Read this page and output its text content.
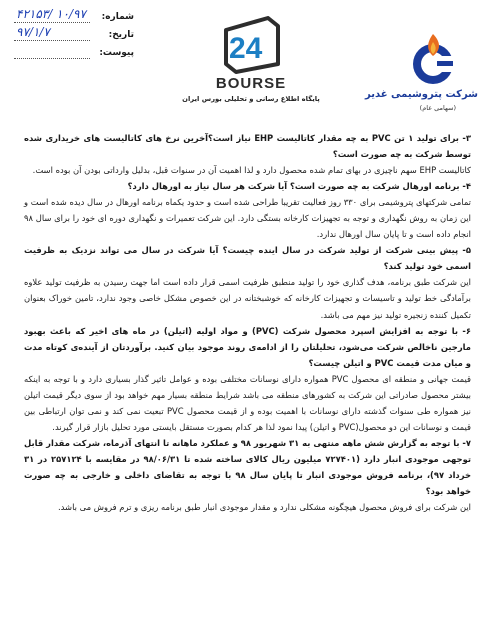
شماره:
۴۲۱۵۳/ ۱۰/۹۷
تاریخ:
۹۷/۱/۷
پیوست:	24
BOURSE
پایگاه اطلاع رسانی و تحلیلی بورس ایران	شرکت پتروشیمی غدیر
(سهامی عام)

۳- برای تولید ۱ تن PVC به چه مقدار کاتالیست EHP نیاز است؟آخرین نرخ های کاتالیست های خریداری شده توسط شرکت به چه صورت است؟

کاتالیست EHP سهم ناچیزی در بهای تمام شده محصول دارد و لذا اهمیت آن در سنوات قبل، بدلیل وارداتی بودن آن بوده است.

۴- برنامه اورهال شرکت به چه صورت است؟ آیا شرکت هر سال نیاز به اورهال دارد؟

تمامی شرکتهای پتروشیمی برای ۳۳۰ روز فعالیت تقریبا طراحی شده است و حدود یکماه برنامه اورهال در سال دیده شده است و این زمان به روش نگهداری و توجه به تجهیزات کارخانه بستگی دارد. این شرکت تعمیرات و نگهداری دوره ای خود را برای سال ۹۸ انجام داده است و تا پایان سال اورهال ندارد.

۵- پیش بینی شرکت از تولید شرکت در سال اینده چیست؟ آیا شرکت در سال می تواند نزدیک به ظرفیت اسمی خود تولید کند؟

این شرکت طبق برنامه، هدف گذاری خود را تولید منطبق ظرفیت اسمی قرار داده است اما جهت رسیدن به ظرفیت تولید علاوه برآمادگی خط تولید و تاسیسات و تجهیزات کارخانه که خوشبختانه در این خصوص مشکل خاصی وجود ندارد، تامین خوراک بعنوان تکمیل کننده زنجیره تولید نیز مهم می باشد.

۶- با توجه به افزایش اسپرد محصول شرکت (PVC) و مواد اولیه (اتیلن) در ماه های اخیر که باعث بهبود مارجین ناخالص شرکت می‌شود، تحلیلتان را از ادامه‌ی روند موجود بیان کنید. برآوردتان از آینده‌ی کوتاه مدت و میان مدت قیمت PVC و اتیلن چیست؟

قیمت جهانی و منطقه ای محصول PVC همواره دارای نوسانات مختلفی بوده و عوامل تاثیر گذار بسیاری دارد و با توجه به اینکه بیشتر محصول صادراتی این شرکت به کشورهای منطقه می باشد شرایط منطقه بسیار مهم خواهد بود از سوی دیگر قیمت اتیلن نیز همواره طی سنوات گذشته دارای نوسانات با اهمیت بوده و از قیمت محصول PVC تبعیت نمی کند و نمی توان ارتباطی بین قیمت و نوسانات این دو محصول(PVC و اتیلن) پیدا نمود لذا هر کدام بصورت مستقل بایستی مورد تحلیل بازار قرار گیرند.

۷- با توجه به گزارش شش ماهه منتهی به ۳۱ شهریور ۹۸ و عملکرد ماهانه تا انتهای آذرماه، شرکت مقدار قابل توجهی موجودی انبار دارد (۷۲۷۴۰۱ میلیون ریال کالای ساخته شده تا ۹۸/۰۶/۳۱ در مقایسه با ۲۵۷۱۲۴ در ۳۱ خرداد ۹۷)، برنامه فروش موجودی انبار تا پایان سال ۹۸ با توجه به تقاضای داخلی و خارجی به چه صورت خواهد بود؟

این شرکت برای فروش محصول هیچگونه مشکلی ندارد و مقدار موجودی انبار طبق برنامه ریزی و ترم فروش می باشد.
